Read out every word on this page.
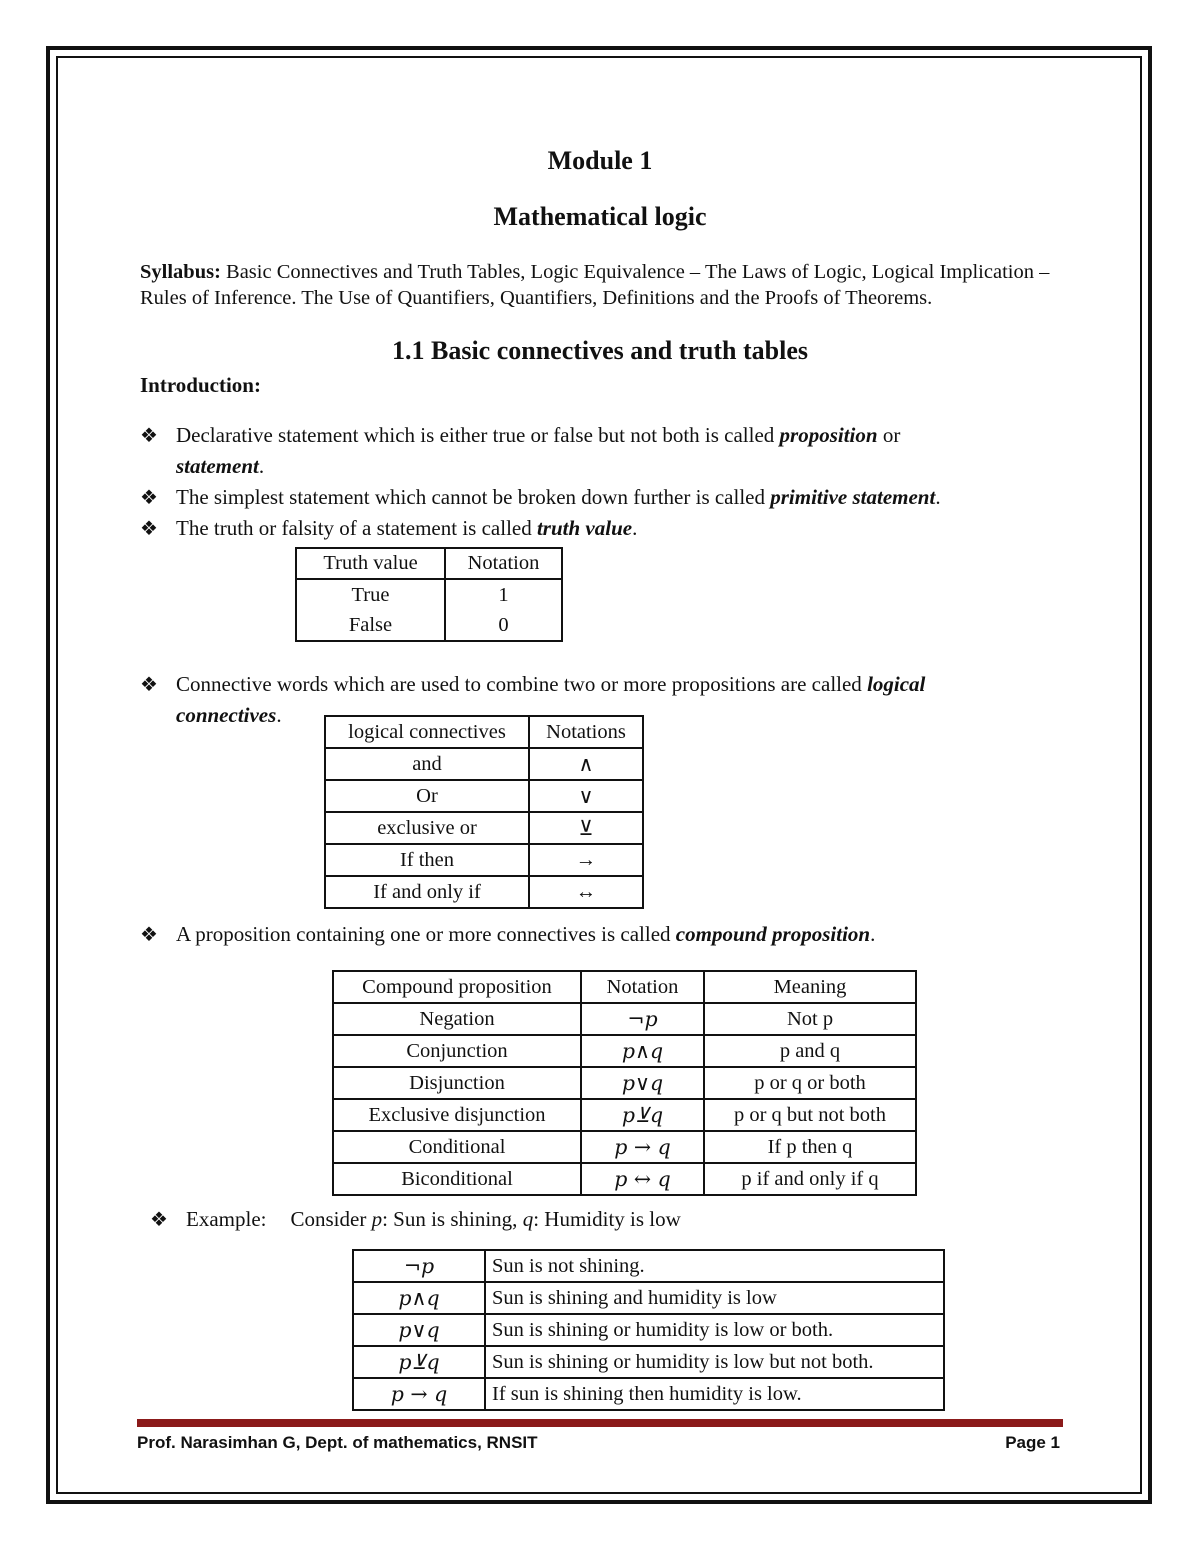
Module 1
Mathematical logic
Syllabus: Basic Connectives and Truth Tables, Logic Equivalence – The Laws of Logic, Logical Implication – Rules of Inference. The Use of Quantifiers, Quantifiers, Definitions and the Proofs of Theorems.
1.1 Basic connectives and truth tables
Introduction:
❖ Declarative statement which is either true or false but not both is called proposition or
statement.
❖ The simplest statement which cannot be broken down further is called primitive statement.
❖ The truth or falsity of a statement is called truth value.
Truth value	Notation
True	1
False	0
❖ Connective words which are used to combine two or more propositions are called logical
connectives.
logical connectives	Notations
and	∧
Or	∨
exclusive or	⊻
If then	→
If and only if	↔
❖ A proposition containing one or more connectives is called compound proposition.
Compound proposition	Notation	Meaning
Negation	¬p	Not p
Conjunction	p∧q	p and q
Disjunction	p∨q	p or q or both
Exclusive disjunction	p⊻q	p or q but not both
Conditional	p → q	If p then q
Biconditional	p ↔ q	p if and only if q
❖ Example: Consider p: Sun is shining, q: Humidity is low
¬p	Sun is not shining.
p∧q	Sun is shining and humidity is low
p∨q	Sun is shining or humidity is low or both.
p⊻q	Sun is shining or humidity is low but not both.
p → q	If sun is shining then humidity is low.
Prof. Narasimhan G, Dept. of mathematics, RNSIT	Page 1
